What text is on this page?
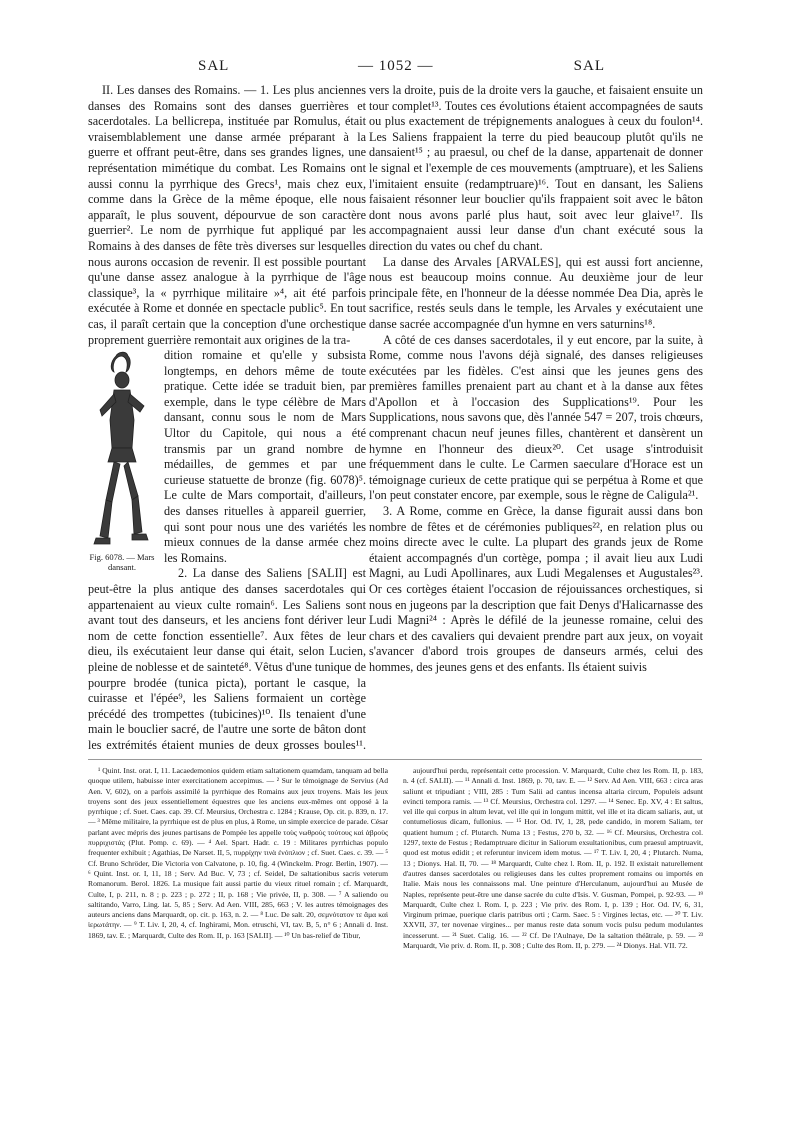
SAL	— 1052 —	SAL

II. Les danses des Romains. — 1. Les plus anciennes danses des Romains sont des danses guerrières et sacerdotales. La bellicrepa, instituée par Romulus, était vraisemblablement une danse armée préparant à la guerre et offrant peut-être, dans ses grandes lignes, une représentation mimétique du combat. Les Romains ont aussi connu la pyrrhique des Grecs¹, mais chez eux, comme dans la Grèce de la même époque, elle nous apparaît, le plus souvent, dépourvue de son caractère guerrier². Le nom de pyrrhique fut appliqué par les Romains à des danses de fête très diverses sur lesquelles nous aurons occasion de revenir. Il est possible pourtant qu'une danse assez analogue à la pyrrhique de l'âge classique³, la « pyrrhique militaire »⁴, ait été parfois exécutée à Rome et donnée en spectacle public⁵. En tout cas, il paraît certain que la conception d'une orchestique proprement guerrière remontait aux origines de la tra-

Fig. 6078. — Mars dansant.

dition romaine et qu'elle y subsista longtemps, en dehors même de toute pratique. Cette idée se traduit bien, par exemple, dans le type célèbre de Mars dansant, connu sous le nom de Mars Ultor du Capitole, qui nous a été transmis par un grand nombre de médailles, de gemmes et par une curieuse statuette de bronze (fig. 6078)⁵. Le culte de Mars comportait, d'ailleurs, des danses rituelles à appareil guerrier, qui sont pour nous une des variétés les mieux connues de la danse armée chez les Romains.

2. La danse des Saliens [SALII] est peut-être la plus antique des danses sacerdotales qui appartenaient au vieux culte romain⁶. Les Saliens sont avant tout des danseurs, et les anciens font dériver leur nom de cette fonction essentielle⁷. Aux fêtes de leur dieu, ils exécutaient leur danse qui était, selon Lucien, pleine de noblesse et de sainteté⁸. Vêtus d'une tunique de pourpre brodée (tunica picta), portant le casque, la cuirasse et l'épée⁹, les Saliens formaient un cortège précédé des trompettes (tubicines)¹⁰. Ils tenaient d'une main le bouclier sacré, de l'autre une sorte de bâton dont les extrémités étaient munies de deux grosses boules¹¹.

vers la droite, puis de la droite vers la gauche, et faisaient ensuite un tour complet¹³. Toutes ces évolutions étaient accompagnées de sauts ou plus exactement de trépignements analogues à ceux du foulon¹⁴. Les Saliens frappaient la terre du pied beaucoup plutôt qu'ils ne dansaient¹⁵ ; au praesul, ou chef de la danse, appartenait de donner le signal et l'exemple de ces mouvements (amptruare), et les Saliens l'imitaient ensuite (redamptruare)¹⁶. Tout en dansant, les Saliens faisaient résonner leur bouclier qu'ils frappaient soit avec le bâton dont nous avons parlé plus haut, soit avec leur glaive¹⁷. Ils accompagnaient aussi leur danse d'un chant exécuté sous la direction du vates ou chef du chant.

La danse des Arvales [ARVALES], qui est aussi fort ancienne, nous est beaucoup moins connue. Au deuxième jour de leur principale fête, en l'honneur de la déesse nommée Dea Dia, après le sacrifice, restés seuls dans le temple, les Arvales y exécutaient une danse sacrée accompagnée d'un hymne en vers saturnins¹⁸.

A côté de ces danses sacerdotales, il y eut encore, par la suite, à Rome, comme nous l'avons déjà signalé, des danses religieuses exécutées par les fidèles. C'est ainsi que les jeunes gens des premières familles prenaient part au chant et à la danse aux fêtes d'Apollon et à l'occasion des Supplications¹⁹. Pour les Supplications, nous savons que, dès l'année 547 = 207, trois chœurs, comprenant chacun neuf jeunes filles, chantèrent et dansèrent un hymne en l'honneur des dieux²⁰. Cet usage s'introduisit fréquemment dans le culte. Le Carmen saeculare d'Horace est un témoignage curieux de cette pratique qui se perpétua à Rome et que l'on peut constater encore, par exemple, sous le règne de Caligula²¹.

3. A Rome, comme en Grèce, la danse figurait aussi dans bon nombre de fêtes et de cérémonies publiques²², en relation plus ou moins directe avec le culte. La plupart des grands jeux de Rome étaient accompagnés d'un cortège, pompa ; il avait lieu aux Ludi Magni, au Ludi Apollinares, aux Ludi Megalenses et Augustales²³. Or ces cortèges étaient l'occasion de réjouissances orchestiques, si nous en jugeons par la description que fait Denys d'Halicarnasse des Ludi Magni²⁴ : Après le défilé de la jeunesse romaine, celui des chars et des cavaliers qui devaient prendre part aux jeux, on voyait s'avancer d'abord trois groupes de danseurs armés, celui des hommes, des jeunes gens et des enfants. Ils étaient suivis

¹ Quint. Inst. orat. I, 11. Lacaedemonios quidem etiam saltationem quamdam, tanquam ad bella quoque utilem, habuisse inter exercitationem accepimus. — ² Sur le témoignage de Servius (Ad Aen. V, 602), on a parfois assimilé la pyrrhique des Romains aux jeux troyens. Mais les jeux troyens sont des jeux essentiellement équestres que les anciens eux-mêmes ont opposé à la pyrrhique ; cf. Suet. Caes. cap. 39. Cf. Meursius, Orchestra c. 1284 ; Krause, Op. cit. p. 839, n. 17. — ³ Même militaire, la pyrrhique est de plus en plus, à Rome, un simple exercice de parade. César parlant avec mépris des jeunes partisans de Pompée les appelle τοὺς νωθροὺς τούτους καὶ ἁβροὺς πυρριχιστάς (Plut. Pomp. c. 69). — ⁴ Ael. Spart. Hadr. c. 19 : Militares pyrrhichas populo frequenter exhibuit ; Agathias, De Narset. II, 5, πυρρίχην τινὰ ἐνόπλιον ; cf. Suet. Caes. c. 39. — ⁵ Cf. Bruno Schröder, Die Victoria von Calvatone, p. 10, fig. 4 (Winckelm. Progr. Berlin, 1907). — ⁶ Quint. Inst. or. I, 11, 18 ; Serv. Ad Buc. V, 73 ; cf. Seidel, De saltationibus sacris veterum Romanorum. Berol. 1826. La musique fait aussi partie du vieux rituel romain ; cf. Marquardt, Culte, I, p. 211, n. 8 ; p. 223 ; p. 272 ; II, p. 168 ; Vie privée, II, p. 308. — ⁷ A saliendo ou saltitando, Varro, Ling. lat. 5, 85 ; Serv. Ad Aen. VIII, 285, 663 ; V. les autres témoignages des auteurs anciens dans Marquardt, op. cit. p. 163, n. 2. — ⁸ Luc. De salt. 20, σεμνότατον τε ἅμα καὶ ἱερωτάτην. — ⁹ T. Liv. I, 20, 4, cf. Inghirami, Mon. etruschi, VI, tav. B, 5, n° 6 ; Annali d. Inst. 1869, tav. E. ; Marquardt, Culte des Rom. II, p. 163 [SALII]. — ¹⁰ Un bas-relief de Tibur,

aujourd'hui perdu, représentait cette procession. V. Marquardt, Culte chez les Rom. II, p. 183, n. 4 (cf. SALII). — ¹¹ Annali d. Inst. 1869, p. 70, tav. E. — ¹² Serv. Ad Aen. VIII, 663 : circa aras saliunt et tripudiant ; VIII, 285 : Tum Salii ad cantus incensa altaria circum, Populeis adsunt evincti tempora ramis. — ¹³ Cf. Meursius, Orchestra col. 1297. — ¹⁴ Senec. Ep. XV, 4 : Et saltus, vel ille qui corpus in altum levat, vel ille qui in longum mittit, vel ille et ita dicam saliaris, aut, ut contumeliosus dicam, fullonius. — ¹⁵ Hor. Od. IV, 1, 28, pede candido, in morem Saliam, ter quatient humum ; cf. Plutarch. Numa 13 ; Festus, 270 b, 32. — ¹⁶ Cf. Meursius, Orchestra col. 1297, texte de Festus ; Redamptruare dicitur in Saliorum exsultationibus, cum praesul amptruavit, quod est motus edidit ; et referuntur invicem idem motus. — ¹⁷ T. Liv. I, 20, 4 ; Plutarch. Numa, 13 ; Dionys. Hal. II, 70. — ¹⁸ Marquardt, Culte chez l. Rom. II, p. 192. Il existait naturellement d'autres danses sacerdotales ou religieuses dans les cultes proprement romains ou importés en Italie. Mais nous les connaissons mal. Une peinture d'Herculanum, aujourd'hui au Musée de Naples, représente peut-être une danse sacrée du culte d'Isis. V. Gusman, Pompei, p. 92-93. — ¹⁹ Marquardt, Culte chez l. Rom. I, p. 223 ; Vie priv. des Rom. I, p. 139 ; Hor. Od. IV, 6, 31, Virginum primae, puerique claris patribus orti ; Carm. Saec. 5 : Virgines lectas, etc. — ²⁰ T. Liv. XXVII, 37, ter novenae virgines... per manus reste data sonum vocis pulsu pedum modulantes incesserunt. — ²¹ Suet. Calig. 16. — ²² Cf. De l'Aulnaye, De la saltation théâtrale, p. 59. — ²³ Marquardt, Vie priv. d. Rom. II, p. 308 ; Culte des Rom. II, p. 279. — ²⁴ Dionys. Hal. VII. 72.
